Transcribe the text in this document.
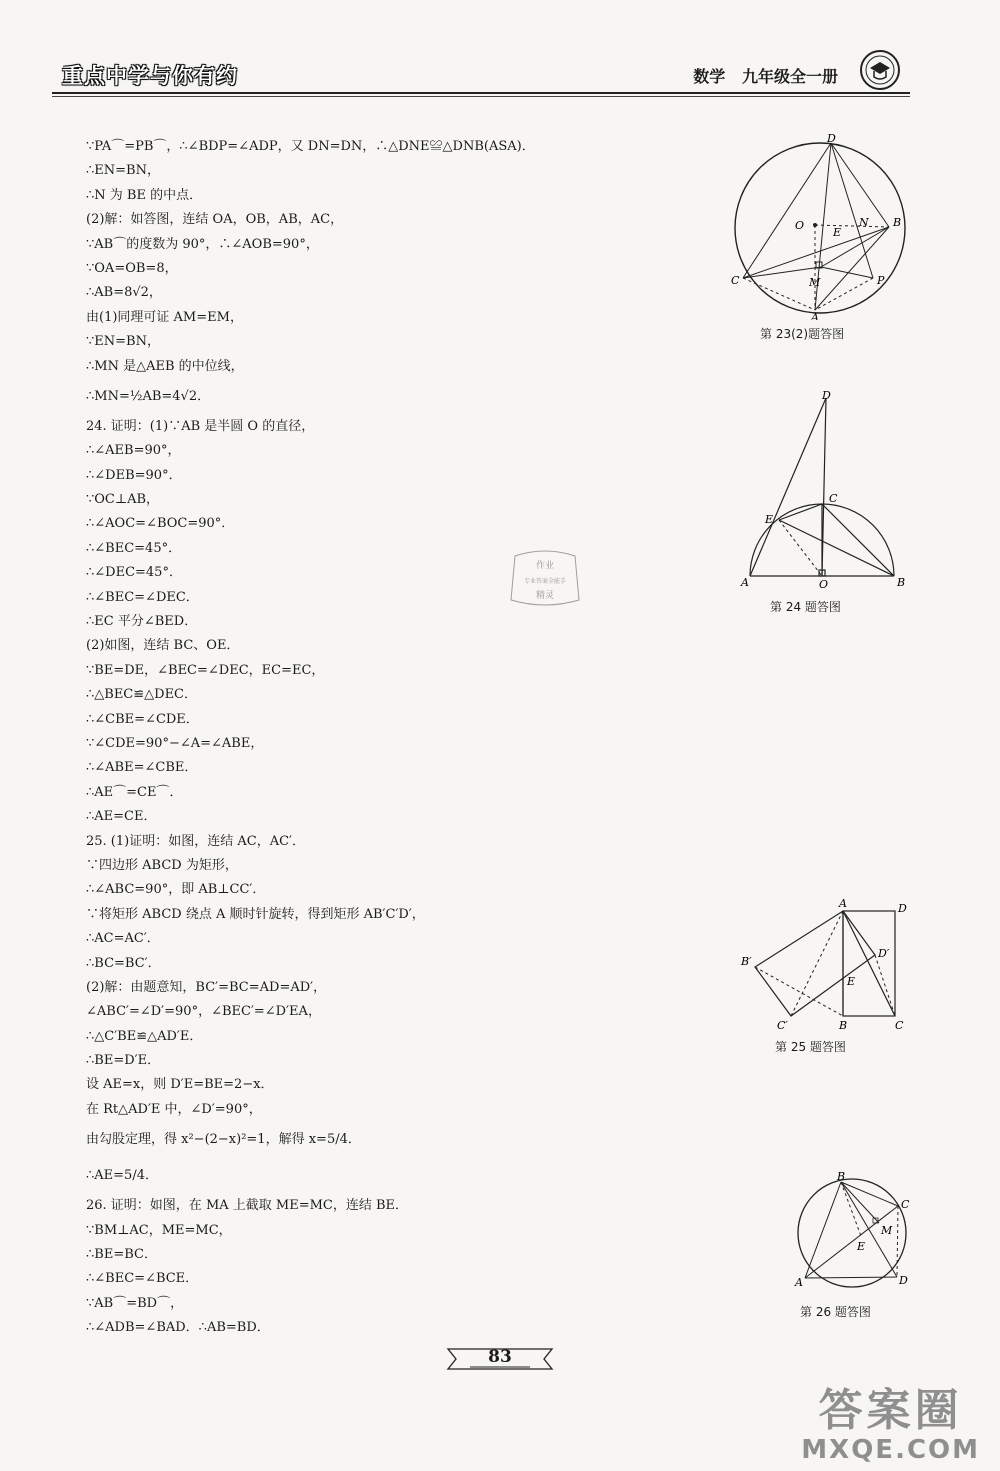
重点中学与你有约	数学 九年级全一册
∵PA⌒=PB⌒，∴∠BDP=∠ADP，又 DN=DN，∴△DNE≌△DNB(ASA)．
∴EN=BN，
∴N 为 BE 的中点．
(2)解：如答图，连结 OA，OB，AB，AC，
∵AB⌒的度数为 90°，∴∠AOB=90°，
∵OA=OB=8，
∴AB=8√2，
由(1)同理可证 AM=EM，
∵EN=BN，
∴MN 是△AEB 的中位线，
∴MN=½AB=4√2．
24. 证明：(1)∵AB 是半圆 O 的直径，
∴∠AEB=90°，
∴∠DEB=90°．
∵OC⊥AB，
∴∠AOC=∠BOC=90°．
∴∠BEC=45°．
∴∠DEC=45°．
∴∠BEC=∠DEC．
∴EC 平分∠BED．
(2)如图，连结 BC、OE．
∵BE=DE，∠BEC=∠DEC，EC=EC，
∴△BEC≌△DEC．
∴∠CBE=∠CDE．
∵∠CDE=90°−∠A=∠ABE，
∴∠ABE=∠CBE．
∴AE⌒=CE⌒．
∴AE=CE．
25. (1)证明：如图，连结 AC，AC′．
∵四边形 ABCD 为矩形，
∴∠ABC=90°，即 AB⊥CC′．
∵将矩形 ABCD 绕点 A 顺时针旋转，得到矩形 AB′C′D′，
∴AC=AC′．
∴BC=BC′．
(2)解：由题意知，BC′=BC=AD=AD′，
∠ABC′=∠D′=90°，∠BEC′=∠D′EA，
∴△C′BE≌△AD′E．
∴BE=D′E．
设 AE=x，则 D′E=BE=2−x．
在 Rt△AD′E 中，∠D′=90°，
由勾股定理，得 x²−(2−x)²=1，解得 x=5/4．
∴AE=5/4．
26. 证明：如图，在 MA 上截取 ME=MC，连结 BE．
∵BM⊥AC，ME=MC，
∴BE=BC．
∴∠BEC=∠BCE．
∵AB⌒=BD⌒，
∴∠ADB=∠BAD．∴AB=BD．
D
O	N B
E
C	M	P
A
第 23(2)题答图
D
C
E
A	O	B
第 24 题答图
A	D
D′
B′
E
C′	B	C
第 25 题答图
B
C
M
E
A	D
第 26 题答图
作业
专业答案全能手
精灵
83
答案圈
MXQE.COM
